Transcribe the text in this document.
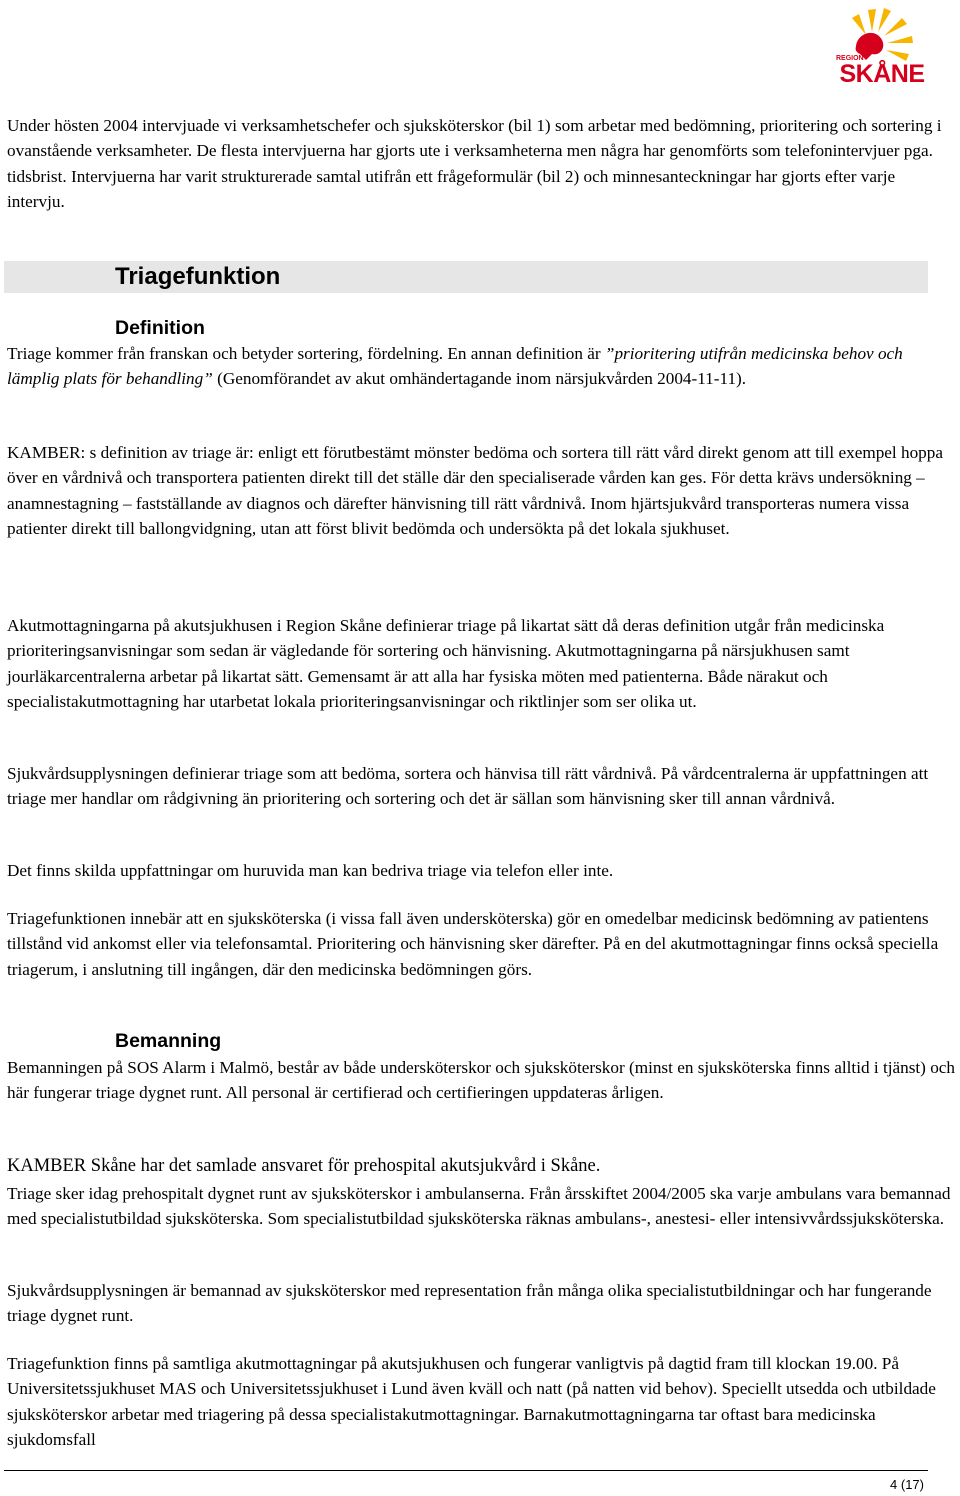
REGION
SKÅNE

Under hösten 2004 intervjuade vi verksamhetschefer och sjuksköterskor (bil 1) som arbetar med bedömning, prioritering och sortering i ovanstående verksamheter. De flesta intervjuerna har gjorts ute i verksamheterna men några har genomförts som telefonintervjuer pga. tidsbrist. Intervjuerna har varit strukturerade samtal utifrån ett frågeformulär (bil 2) och minnesanteckningar har gjorts efter varje intervju.

Triagefunktion
Definition

Triage kommer från franskan och betyder sortering, fördelning. En annan definition är ”prioritering utifrån medicinska behov och lämplig plats för behandling” (Genomförandet av akut omhändertagande inom närsjukvården 2004-11-11).

KAMBER: s definition av triage är: enligt ett förutbestämt mönster bedöma och sortera till rätt vård direkt genom att till exempel hoppa över en vårdnivå och transportera patienten direkt till det ställe där den specialiserade vården kan ges. För detta krävs undersökning – anamnestagning – fastställande av diagnos och därefter hänvisning till rätt vårdnivå. Inom hjärtsjukvård transporteras numera vissa patienter direkt till ballongvidgning, utan att först blivit bedömda och undersökta på det lokala sjukhuset.

Akutmottagningarna på akutsjukhusen i Region Skåne definierar triage på likartat sätt då deras definition utgår från medicinska prioriteringsanvisningar som sedan är vägledande för sortering och hänvisning. Akutmottagningarna på närsjukhusen samt jourläkarcentralerna arbetar på likartat sätt. Gemensamt är att alla har fysiska möten med patienterna. Både närakut och specialistakutmottagning har utarbetat lokala prioriteringsanvisningar och riktlinjer som ser olika ut.

Sjukvårdsupplysningen definierar triage som att bedöma, sortera och hänvisa till rätt vårdnivå. På vårdcentralerna är uppfattningen att triage mer handlar om rådgivning än prioritering och sortering och det är sällan som hänvisning sker till annan vårdnivå.

Det finns skilda uppfattningar om huruvida man kan bedriva triage via telefon eller inte.

Triagefunktionen innebär att en sjuksköterska (i vissa fall även undersköterska) gör en omedelbar medicinsk bedömning av patientens tillstånd vid ankomst eller via telefonsamtal. Prioritering och hänvisning sker därefter. På en del akutmottagningar finns också speciella triagerum, i anslutning till ingången, där den medicinska bedömningen görs.

Bemanning

Bemanningen på SOS Alarm i Malmö, består av både undersköterskor och sjuksköterskor (minst en sjuksköterska finns alltid i tjänst) och här fungerar triage dygnet runt. All personal är certifierad och certifieringen uppdateras årligen.

KAMBER Skåne har det samlade ansvaret för prehospital akutsjukvård i Skåne.

Triage sker idag prehospitalt dygnet runt av sjuksköterskor i ambulanserna. Från årsskiftet 2004/2005 ska varje ambulans vara bemannad med specialistutbildad sjuksköterska. Som specialistutbildad sjuksköterska räknas ambulans-, anestesi- eller intensivvårdssjuksköterska.

Sjukvårdsupplysningen är bemannad av sjuksköterskor med representation från många olika specialistutbildningar och har fungerande triage dygnet runt.

Triagefunktion finns på samtliga akutmottagningar på akutsjukhusen och fungerar vanligtvis på dagtid fram till klockan 19.00. På Universitetssjukhuset MAS och Universitetssjukhuset i Lund även kväll och natt (på natten vid behov). Speciellt utsedda och utbildade sjuksköterskor arbetar med triagering på dessa specialistakutmottagningar. Barnakutmottagningarna tar oftast bara medicinska sjukdomsfall

4 (17)
